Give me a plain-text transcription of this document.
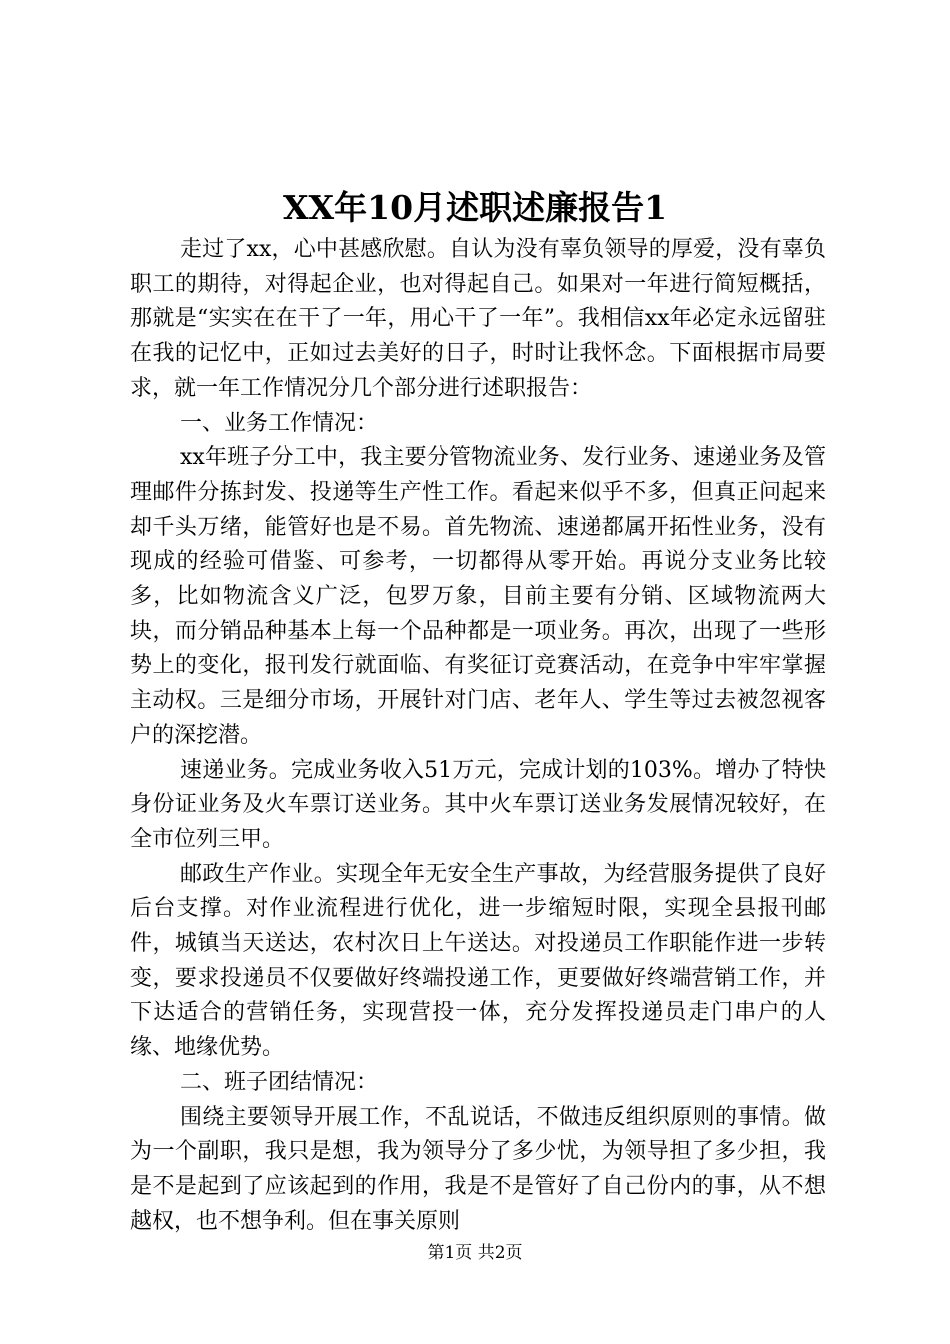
XX年10月述职述廉报告1

走过了xx，心中甚感欣慰。自认为没有辜负领导的厚爱，没有辜负职工的期待，对得起企业，也对得起自己。如果对一年进行简短概括，那就是“实实在在干了一年，用心干了一年”。我相信xx年必定永远留驻在我的记忆中，正如过去美好的日子，时时让我怀念。下面根据市局要求，就一年工作情况分几个部分进行述职报告：

一、业务工作情况：

xx年班子分工中，我主要分管物流业务、发行业务、速递业务及管理邮件分拣封发、投递等生产性工作。看起来似乎不多，但真正问起来却千头万绪，能管好也是不易。首先物流、速递都属开拓性业务，没有现成的经验可借鉴、可参考，一切都得从零开始。再说分支业务比较多，比如物流含义广泛，包罗万象，目前主要有分销、区域物流两大块，而分销品种基本上每一个品种都是一项业务。再次，出现了一些形势上的变化，报刊发行就面临、有奖征订竞赛活动，在竞争中牢牢掌握主动权。三是细分市场，开展针对门店、老年人、学生等过去被忽视客户的深挖潜。

速递业务。完成业务收入51万元，完成计划的103%。增办了特快身份证业务及火车票订送业务。其中火车票订送业务发展情况较好，在全市位列三甲。

邮政生产作业。实现全年无安全生产事故，为经营服务提供了良好后台支撑。对作业流程进行优化，进一步缩短时限，实现全县报刊邮件，城镇当天送达，农村次日上午送达。对投递员工作职能作进一步转变，要求投递员不仅要做好终端投递工作，更要做好终端营销工作，并下达适合的营销任务，实现营投一体，充分发挥投递员走门串户的人缘、地缘优势。

二、班子团结情况：

围绕主要领导开展工作，不乱说话，不做违反组织原则的事情。做为一个副职，我只是想，我为领导分了多少忧，为领导担了多少担，我是不是起到了应该起到的作用，我是不是管好了自己份内的事，从不想越权，也不想争利。但在事关原则

第1页 共2页
